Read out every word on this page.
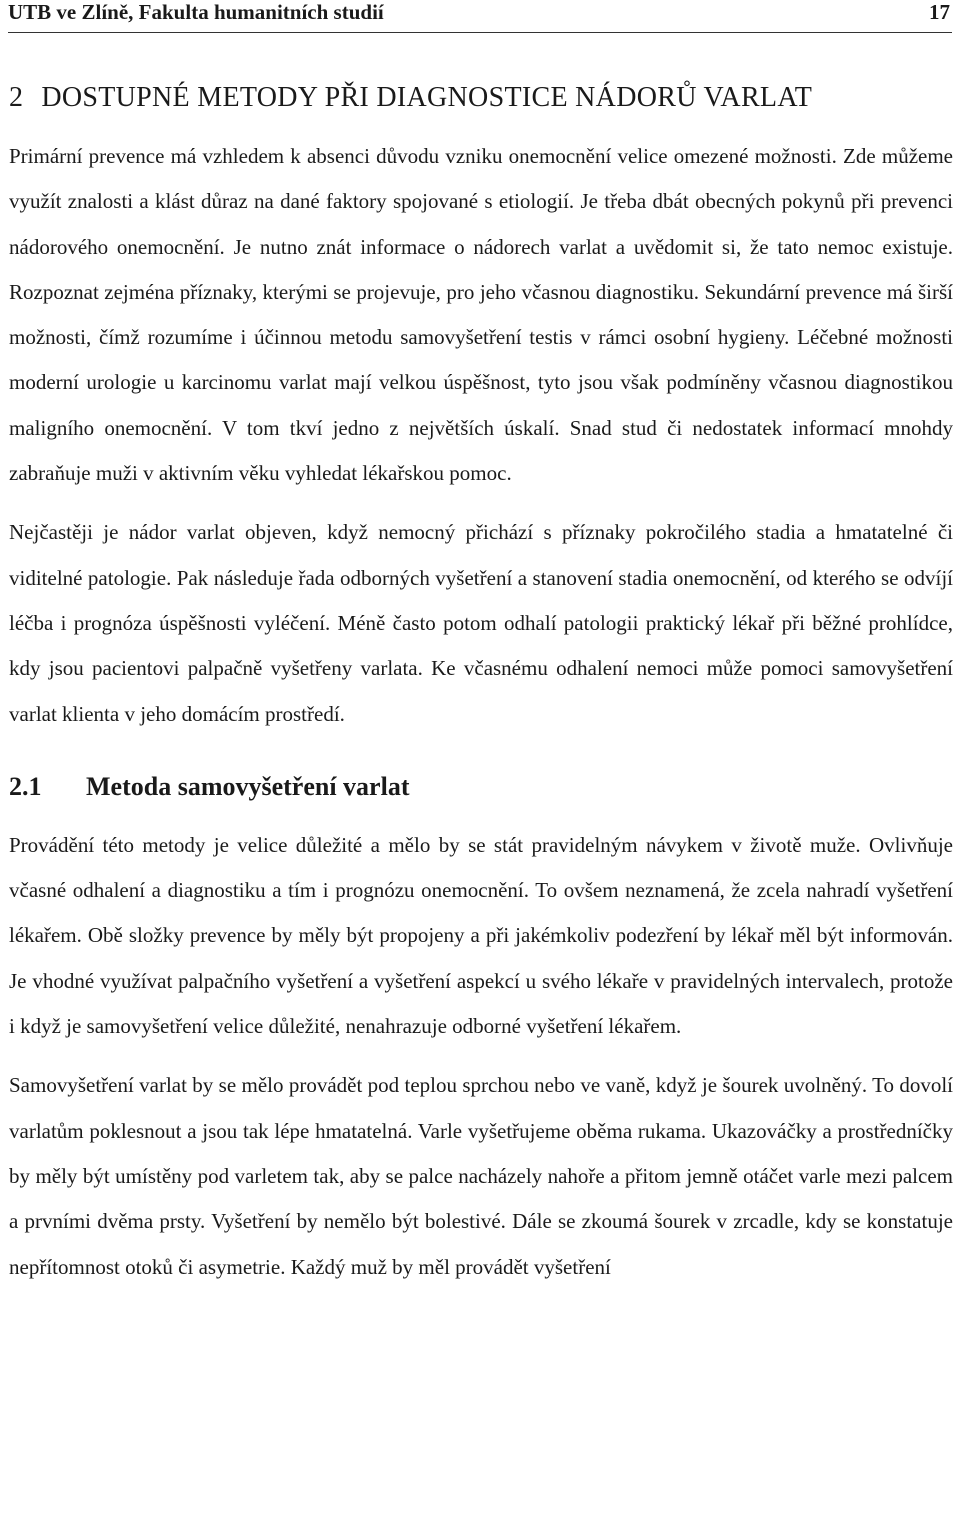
UTB ve Zlíně, Fakulta humanitních studií	17
2 DOSTUPNÉ METODY PŘI DIAGNOSTICE NÁDORŮ VARLAT

Primární prevence má vzhledem k absenci důvodu vzniku onemocnění velice omezené možnosti. Zde můžeme využít znalosti a klást důraz na dané faktory spojované s etiologií. Je třeba dbát obecných pokynů při prevenci nádorového onemocnění. Je nutno znát informace o nádorech varlat a uvědomit si, že tato nemoc existuje. Rozpoznat zejména příznaky, kterými se projevuje, pro jeho včasnou diagnostiku. Sekundární prevence má širší možnosti, čímž rozumíme i účinnou metodu samovyšetření testis v rámci osobní hygieny. Léčebné možnosti moderní urologie u karcinomu varlat mají velkou úspěšnost, tyto jsou však podmíněny včasnou diagnostikou maligního onemocnění. V tom tkví jedno z největších úskalí. Snad stud či nedostatek informací mnohdy zabraňuje muži v aktivním věku vyhledat lékařskou pomoc.

Nejčastěji je nádor varlat objeven, když nemocný přichází s příznaky pokročilého stadia a hmatatelné či viditelné patologie. Pak následuje řada odborných vyšetření a stanovení stadia onemocnění, od kterého se odvíjí léčba i prognóza úspěšnosti vyléčení. Méně často potom odhalí patologii praktický lékař při běžné prohlídce, kdy jsou pacientovi palpačně vyšetřeny varlata. Ke včasnému odhalení nemoci může pomoci samovyšetření varlat klienta v jeho domácím prostředí.

2.1 Metoda samovyšetření varlat

Provádění této metody je velice důležité a mělo by se stát pravidelným návykem v životě muže. Ovlivňuje včasné odhalení a diagnostiku a tím i prognózu onemocnění. To ovšem neznamená, že zcela nahradí vyšetření lékařem. Obě složky prevence by měly být propojeny a při jakémkoliv podezření by lékař měl být informován. Je vhodné využívat palpačního vyšetření a vyšetření aspekcí u svého lékaře v pravidelných intervalech, protože i když je samovyšetření velice důležité, nenahrazuje odborné vyšetření lékařem.

Samovyšetření varlat by se mělo provádět pod teplou sprchou nebo ve vaně, když je šourek uvolněný. To dovolí varlatům poklesnout a jsou tak lépe hmatatelná. Varle vyšetřujeme oběma rukama. Ukazováčky a prostředníčky by měly být umístěny pod varletem tak, aby se palce nacházely nahoře a přitom jemně otáčet varle mezi palcem a prvními dvěma prsty. Vyšetření by nemělo být bolestivé. Dále se zkoumá šourek v zrcadle, kdy se konstatuje nepřítomnost otoků či asymetrie. Každý muž by měl provádět vyšetření
